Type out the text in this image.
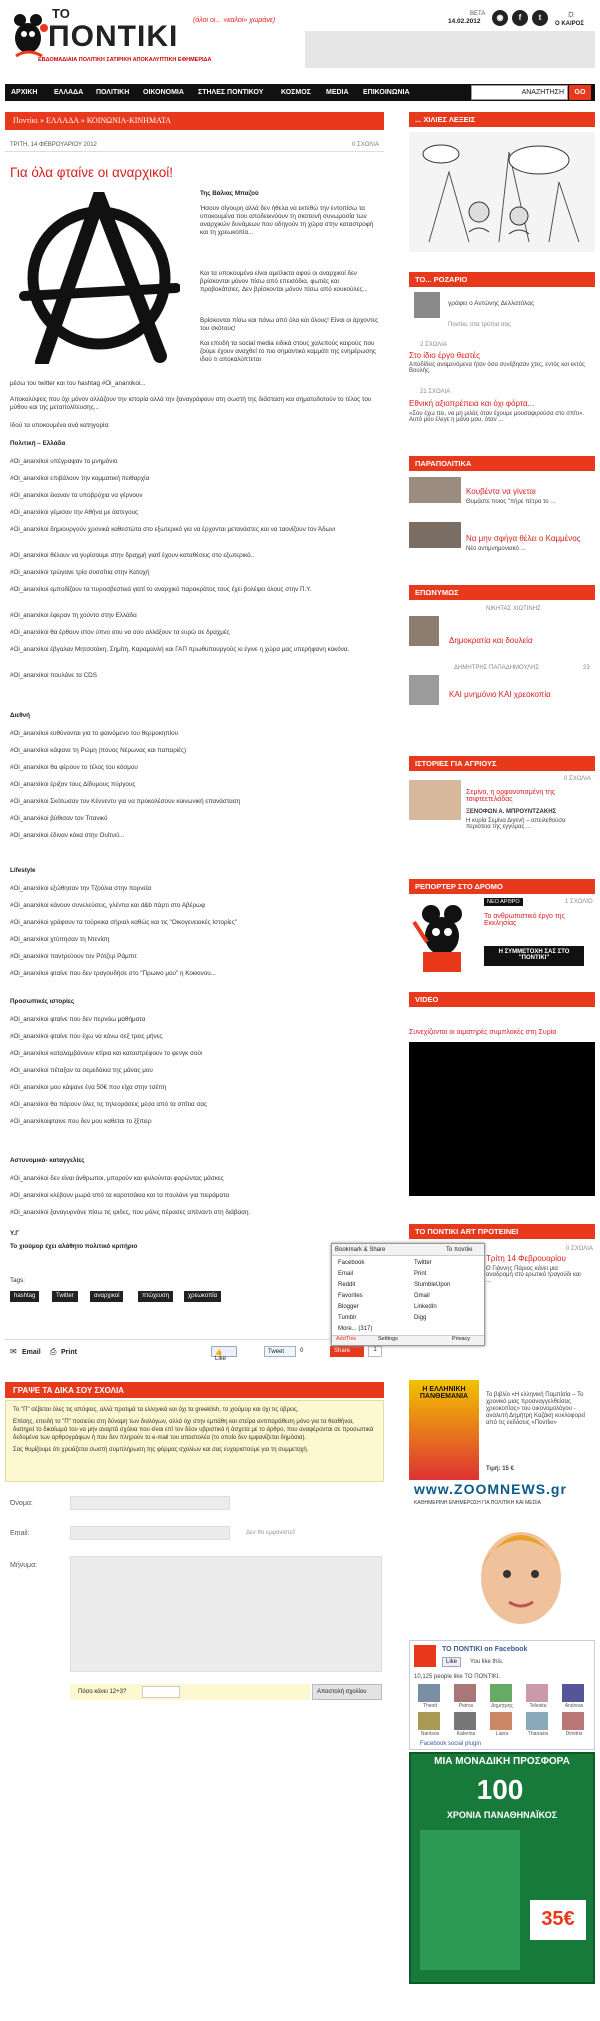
ΤΟ
ΠΟΝΤΙΚΙ
ΕΒΔΟΜΑΔΙΑΙΑ ΠΟΛΙΤΙΚΗ ΣΑΤΙΡΙΚΗ ΑΠΟΚΑΛΥΠΤΙΚΗ ΕΦΗΜΕΡΙΔΑ
(όλοι οι... «καλοί» χωράνε)
ΒΕΤΑ
14.02.2012	◉	f	t	☼
Ο ΚΑΙΡΟΣ
ΑΡΧΙΚΗ ΕΛΛΑΔΑ ΠΟΛΙΤΙΚΗ ΟΙΚΟΝΟΜΙΑ ΣΤΗΛΕΣ ΠΟΝΤΙΚΟΥ	ΚΟΣΜΟΣ MEDIA ΕΠΙΚΟΙΝΩΝΙΑ	ΑΝΑΖΗΤΗΣΗ	GO
Ποντίκι » ΕΛΛΑΔΑ » ΚΟΙΝΩΝΙΑ-ΚΙΝΗΜΑΤΑ
ΤΡΙΤΗ, 14 ΦΕΒΡΟΥΑΡΙΟΥ 2012	0 ΣΧΟΛΙΑ
Για όλα φταίνε οι αναρχικοί!
Της Βάλιας Μπαζού
Ήσουν σίγουρη αλλά δεν ήθελα να εκτεθώ την εντοπίσω τα υποκουμένα που αποδεικνύουν τη σκοτεινή συνωμοσία των αναρχικών δυνάμεων που οδηγούν τη χώρα στην καταστροφή και τη χρεωκοπία...
Και τα υποκουμένα είναι αμείλικτα αφού οι αναρχικοί δεν βρίσκονται μόνον πίσω από επεισόδια, φωτιές και προβοκάτσιες. Δεν βρίσκονται μόνον πίσω από κουκούλες...
Βρίσκονται πίσω και πάνω από όλα και όλους! Είναι οι άρχοντες του σκότους!
Και επειδή τα social media ειδικά στους χαλεπούς καιρούς που ζούμε έχουν αναχθεί το πιο σημαντικό καμμάτι της ενημέρωσης ιδού τι αποκαλύπτεται
μέσω του twitter και του hashtag #Oi_anarxikoi...
Αποκαλύψεις που όχι μόνον αλλάζουν την ιστορία αλλά την ξαναγράφουν στη σωστή της διάσταση και σηματοδοτούν το τέλος του μύθου και της μεταπολίτευσης...
Ιδού τα υποκουμένα ανά κατηγορία:
Πολιτική – Ελλάδα
#Oi_anarxikoi υπέγραψαν το μνημόνιο
#Oi_anarxikoi επιβάλουν την κομματική πειθαρχία
#Oi_anarxikoi έκαναν τα υποβρύχια να γέρνουν
#Oi_anarxikoi γέμισαν την Αθήνα με άστεγους
#Oi_anarxikoi δημιουργούν χρονικά καθεστώτα στο εξωτερικό για να έρχονται μετανάστες και να ταονίζουν τον Άδωνι
#Oi_anarxikoi θέλουν να γυρίσουμε στην δραχμή γιατί έχουν καταθέσεις στο εξωτερικό..
#Oi_anarxikoi τρώγανε τρία συσσίτια στην Κατοχή
#Oi_anarxikoi εμποδίζουν τα πυροσβεστικά γιατί το αναρχικό παρακράτος τους έχει βολέψει όλους στην Π.Υ.
#Oi_anarxikoi έφεραν τη χούντα στην Ελλάδα
#Oi_anarxikoi θα έρθουν στον ύπνο σου να σου αλλάξουν τα ευρώ σε δραχμές
#Oi_anarxikoi έβγαλαν Μητσοτάκη, Σημίτη, Καραμανλή και ΓΑΠ πρωθυπουργούς κι έγινε η χώρα μας υπερήφανη κοκόνα.
#Oi_anarxikoi πουλάνε τα CDS
Διεθνή
#Oi_anarxikoi ευθύνονται για το φαινόμενο του θερμοκηπίου
#Oi_anarxikoi κάψανε τη Ρώμη (πουος Νέρωνας και παπαριές)
#Oi_anarxikoi θα φέρουν το τέλος του κόσμου
#Oi_anarxikoi έριξαν τους Δίδυμους πύργους
#Oi_anarxikoi Σκότωσαν τον Κέννεντυ για να προκαλέσουν κοινωνική επανάσταση
#Oi_anarxikoi βύθισαν τον Τιτανικό
#Oi_anarxikoi έδιναν κόκα στην Ουίτνεϊ...
Lifestyle
#Oi_anarxikoi εξώθησαν την Τζούλια στην πορνεία
#Oi_anarxikoi κάνουν συνελεύσεις, γλέντια και d&b πάρτι στο Αβέρωφ
#Oi_anarxikoi γράφουν τα τούρκικα σήριαλ καθώς και τις "Οικογενειακές Ιστορίες"
#Oi_anarxikoi χτύπησαν τη Ντενίση
#Oi_anarxikoi παντρεύουν τον Ρότζερ Ράμπιτ
#Oi_anarxikoi φταίνε που δεν τραγουδήσε στο "Πρωινο μου" η Κοκκινου...
Προσωπικές ιστορίες
#Oi_anarxikoi φταίνε που δεν περνάω μαθήματα
#Oi_anarxikoi φταίνε που έχω να κάνω σεξ τρεις μήνες
#Oi_anarxikoi καταλαμβάνουν κτίρια και καταστρέφουν το φενγκ σούι
#Oi_anarxikoi πέταξαν τα σεμεδάκια της μάνας μου
#Oi_anarxikoi μου κάψανε ένα 50€ που είχα στην τσέπη
#Oi_anarxikoi θα πάρουν όλες τις τηλεοράσεις μέσα από τα σπίτια σας
#Oi_anarxikoiφταινε που δεν μου καθεται το ξξπιερ
Αστυνομικά- καταγγελίες
#Oi_anarxikoi δεν είναι άνθρωποι, μπορούν και φυλούνται φορώντας μάσκες
#Oi_anarxikoi κλέβουν μωρά από τα καροτσάκια και τα πουλάνε για πειράματα
#Oi_anarxikoi ξαναγυρνάνε πίσω τις ιριδες, που μόλις πέρασες απέναντι στη διάβαση.
Υ.Γ
Το χιούμορ έχει αλάθητο πολιτικό κριτήριο
Tags:
hashtag	Twitter	αναρχικοί	πτώχευση	χρεωκοπία
✉ Email ⎙ Print	👍 Like
Tweet	0	Share	1
Bookmark & Share	Το ποντίκι
AddThis	Settings	Privacy
Facebook
Email
Reddit
Favorites
Blogger
Tumblr
More... (317)
Twitter
Print
StumbleUpon
Gmail
LinkedIn
Digg
ΓΡΑΨΕ ΤΑ ΔΙΚΑ ΣΟΥ ΣΧΟΛΙΑ
Το "Π" σέβεται όλες τις απόψεις, αλλά προτιμά τα ελληνικά και όχι τα greeklish, το χιούμορ και όχι τις ύβρεις.
Επίσης, επειδή το "Π" ποσιεύει στη δύναμη των διαλόγων, αλλά όχι στην εμπάθη και στείρα αντιπαράθεση μόνο για τα θεαθήναι, διατηρεί το δικαίωμά του να μην αναρτά σχόλια που είναι επί τον δέον υβριστικά ή άσχετα με το άρθρο, που αναφέρονται σε προσωπικά δεδομένα των αρθρογράφων ή που δεν πληρούν το e-mail του αποστολέα (το οποίο δεν εμφανίζεται δημόσια).
Σας θυμίζουμε ότι χρειάζεται σωστή συμπλήρωση της φόρμας σχολίων και σας ευχαριστούμε για τη συμμετοχή.
Όνομα:
Email:	Δεν θα εμφανιστεί!
Μήνυμα:
Πόσο κάνει 12+3?	Αποστολή σχολίου
... ΧΙΛΙΕΣ ΛΕΞΕΙΣ
ΤΟ... ΡΟΖΑΡΙΟ
γράφει ο Αντώνης Δελλατόλας
Ποντίκι, στα τρύπια σας
2 ΣΧΟΛΙΑ
Στο ίδιο έργο θεατές
Αποδίδεις αναμενόμενα ήταν όσα συνέβησαν χτες, εντός και εκτός Βουλής.
21 ΣΧΟΛΙΑ
Εθνική αξιοπρέπεια και όχι φόρτα...
«Σου έχω πει, να μη μιλάς όταν έχουμε μουσαφιρούσα στο σπίτι». Αυτό μου έλεγε η μάνα μου, όταν ...
ΠΑΡΑΠΟΛΙΤΙΚΑ
Κουβέντα να γίνεται
Θυμάστε ποιος "πήρε πέτρα το ...
Να μην σφήγα θέλει ο Καμμένος
Νέο αντιμνημονιακό ...
ΕΠΩΝΥΜΩΣ
ΝΙΚΗΤΑΣ ΧΙΩΤΙΝΗΣ
Δημοκρατία και δουλεία
ΔΗΜΗΤΡΗΣ ΠΑΠΑΔΗΜΟΥΛΗΣ	23
ΚΑΙ μνημόνιο ΚΑΙ χρεοκοπία
ΙΣΤΟΡΙΕΣ ΓΙΑ ΑΓΡΙΟΥΣ
0 ΣΧΟΛΙΑ
Σεμίνα, η ορφανοτισμένη της τσιφτεετελάδας
ΞΕΝΟΦΩΝ Α. ΜΠΡΟΥΝΤΖΑΚΗΣ
Η κυρία Σεμίνα Διγενή – απειλεθούσα περιοτεια της εγγύμας ...
ΡΕΠΟΡΤΕΡ ΣΤΟ ΔΡΟΜΟ
ΝΕΟ ΑΡΘΡΟ	1 ΣΧΟΛΙΟ
Το ανθρωπιστικό έργο της Εκκλησίας
Η ΣΥΜΜΕΤΟΧΗ ΣΑΣ ΣΤΟ "ΠΟΝΤΙΚΙ"
VIDEO
Συνεχίζονται οι αιματηρές συμπλοκές στη Συρία
ΤΟ ΠΟΝΤΙΚΙ ART ΠΡΟΤΕΙΝΕΙ
0 ΣΧΟΛΙΑ
Τρίτη 14 Φεβρουαρίου
Ο Γιάννης Πάριος κάνει μια αναδρομή στο ερωτικό τραγούδι και ...
Η ΕΛΛΗΝΙΚΗ ΠΑΝΘΕΜΑΝΙΑ	Το βιβλίο «Η ελληνική Παμπίσία – Το χρονικό μιας προαναγγελθείσας χρεοκοπίας» του οικονομολόγου - αναλυτή Δημήτρη Καζάκη κυκλοφορεί από τις εκδόσεις «Ποντίκι»
Τιμή: 15 €
www.ZOOMNEWS.gr
ΚΑΘΗΜΕΡΙΝΗ ΕΝΗΜΕΡΩΣΗ ΓΙΑ ΠΟΛΙΤΙΚΗ ΚΑΙ MEDIA
ΤΟ ΠΟΝΤΙΚΙ on Facebook
Like	You like this.
10,125 people like ΤΟ ΠΟΝΤΙΚΙ.
Theod	Petros	Δημήτρης	Telesita	Andreas
Nantsos	Katerina	Liana	Thanasis	Dimitris
Facebook social plugin
ΜΙΑ ΜΟΝΑΔΙΚΗ ΠΡΟΣΦΟΡΑ
100
ΧΡΟΝΙΑ ΠΑΝΑΘΗΝΑΪΚΟΣ
35€
